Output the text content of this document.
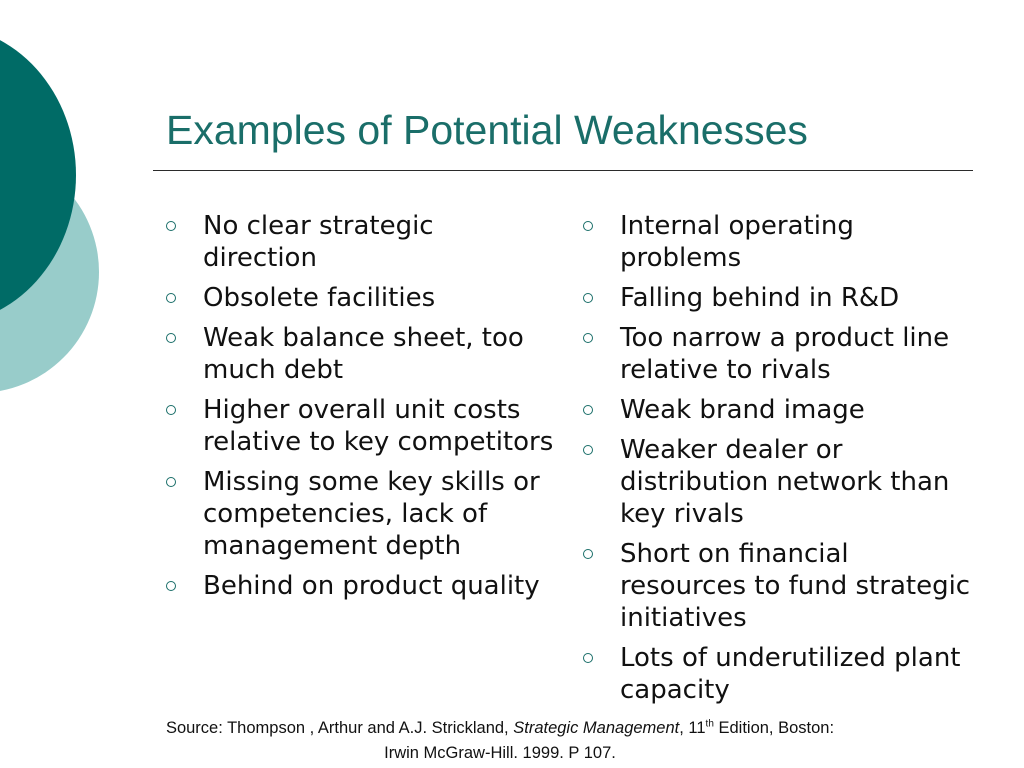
Examples of Potential Weaknesses
No clear strategic direction
Obsolete facilities
Weak balance sheet, too much debt
Higher overall unit costs relative to key competitors
Missing some key skills or competencies, lack of management depth
Behind on product quality
Internal operating problems
Falling behind in R&D
Too narrow a product line relative to rivals
Weak brand image
Weaker dealer or distribution network than key rivals
Short on financial resources to fund strategic initiatives
Lots of underutilized plant capacity
Source: Thompson , Arthur and A.J. Strickland, Strategic Management, 11th Edition, Boston:
Irwin McGraw-Hill. 1999. P 107.
